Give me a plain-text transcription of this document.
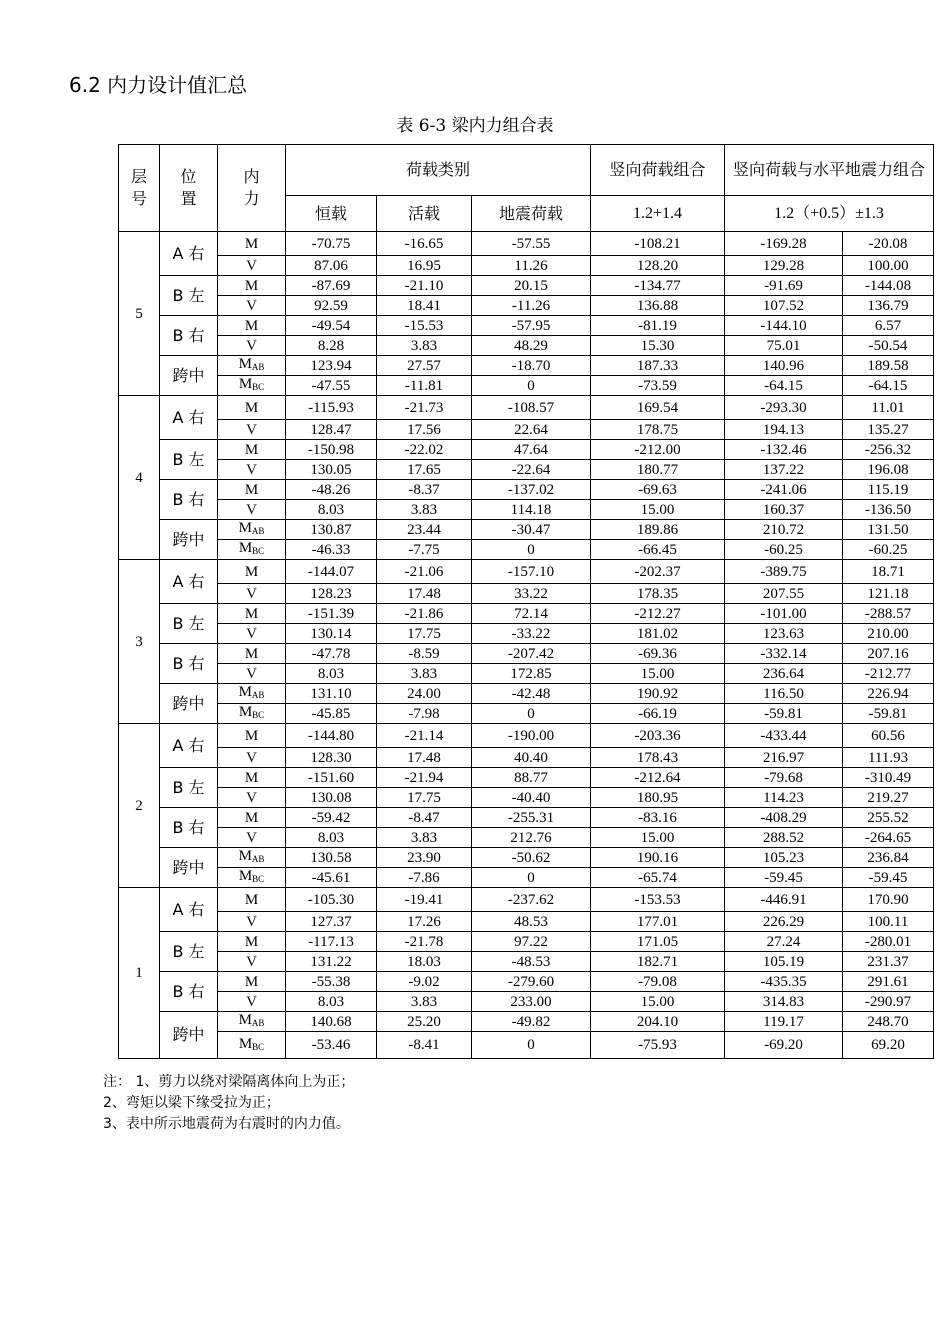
6.2 内力设计值汇总
表 6-3 梁内力组合表
层号	位置	内力	荷载类别			竖向荷载组合	竖向荷载与水平地震力组合	
			恒载	活载	地震荷载	1.2+1.4	1.2（+0.5）±1.3	
5	A 右	M	-70.75	-16.65	-57.55	-108.21	-169.28	-20.08
		V	87.06	16.95	11.26	128.20	129.28	100.00
	B 左	M	-87.69	-21.10	20.15	-134.77	-91.69	-144.08
		V	92.59	18.41	-11.26	136.88	107.52	136.79
	B 右	M	-49.54	-15.53	-57.95	-81.19	-144.10	6.57
		V	8.28	3.83	48.29	15.30	75.01	-50.54
	跨中	$M_{AB}$	123.94	27.57	-18.70	187.33	140.96	189.58
		$M_{BC}$	-47.55	-11.81	0	-73.59	-64.15	-64.15
4	A 右	M	-115.93	-21.73	-108.57	169.54	-293.30	11.01
		V	128.47	17.56	22.64	178.75	194.13	135.27
	B 左	M	-150.98	-22.02	47.64	-212.00	-132.46	-256.32
		V	130.05	17.65	-22.64	180.77	137.22	196.08
	B 右	M	-48.26	-8.37	-137.02	-69.63	-241.06	115.19
		V	8.03	3.83	114.18	15.00	160.37	-136.50
	跨中	$M_{AB}$	130.87	23.44	-30.47	189.86	210.72	131.50
		$M_{BC}$	-46.33	-7.75	0	-66.45	-60.25	-60.25
3	A 右	M	-144.07	-21.06	-157.10	-202.37	-389.75	18.71
		V	128.23	17.48	33.22	178.35	207.55	121.18
	B 左	M	-151.39	-21.86	72.14	-212.27	-101.00	-288.57
		V	130.14	17.75	-33.22	181.02	123.63	210.00
	B 右	M	-47.78	-8.59	-207.42	-69.36	-332.14	207.16
		V	8.03	3.83	172.85	15.00	236.64	-212.77
	跨中	$M_{AB}$	131.10	24.00	-42.48	190.92	116.50	226.94
		$M_{BC}$	-45.85	-7.98	0	-66.19	-59.81	-59.81
2	A 右	M	-144.80	-21.14	-190.00	-203.36	-433.44	60.56
		V	128.30	17.48	40.40	178.43	216.97	111.93
	B 左	M	-151.60	-21.94	88.77	-212.64	-79.68	-310.49
		V	130.08	17.75	-40.40	180.95	114.23	219.27
	B 右	M	-59.42	-8.47	-255.31	-83.16	-408.29	255.52
		V	8.03	3.83	212.76	15.00	288.52	-264.65
	跨中	$M_{AB}$	130.58	23.90	-50.62	190.16	105.23	236.84
		$M_{BC}$	-45.61	-7.86	0	-65.74	-59.45	-59.45
1	A 右	M	-105.30	-19.41	-237.62	-153.53	-446.91	170.90
		V	127.37	17.26	48.53	177.01	226.29	100.11
	B 左	M	-117.13	-21.78	97.22	171.05	27.24	-280.01
		V	131.22	18.03	-48.53	182.71	105.19	231.37
	B 右	M	-55.38	-9.02	-279.60	-79.08	-435.35	291.61
		V	8.03	3.83	233.00	15.00	314.83	-290.97
	跨中	$M_{AB}$	140.68	25.20	-49.82	204.10	119.17	248.70
		$M_{BC}$	-53.46	-8.41	0	-75.93	-69.20	69.20
注： 1、剪力以绕对梁隔离体向上为正；
2、弯矩以梁下缘受拉为正；
3、表中所示地震荷为右震时的内力值。
